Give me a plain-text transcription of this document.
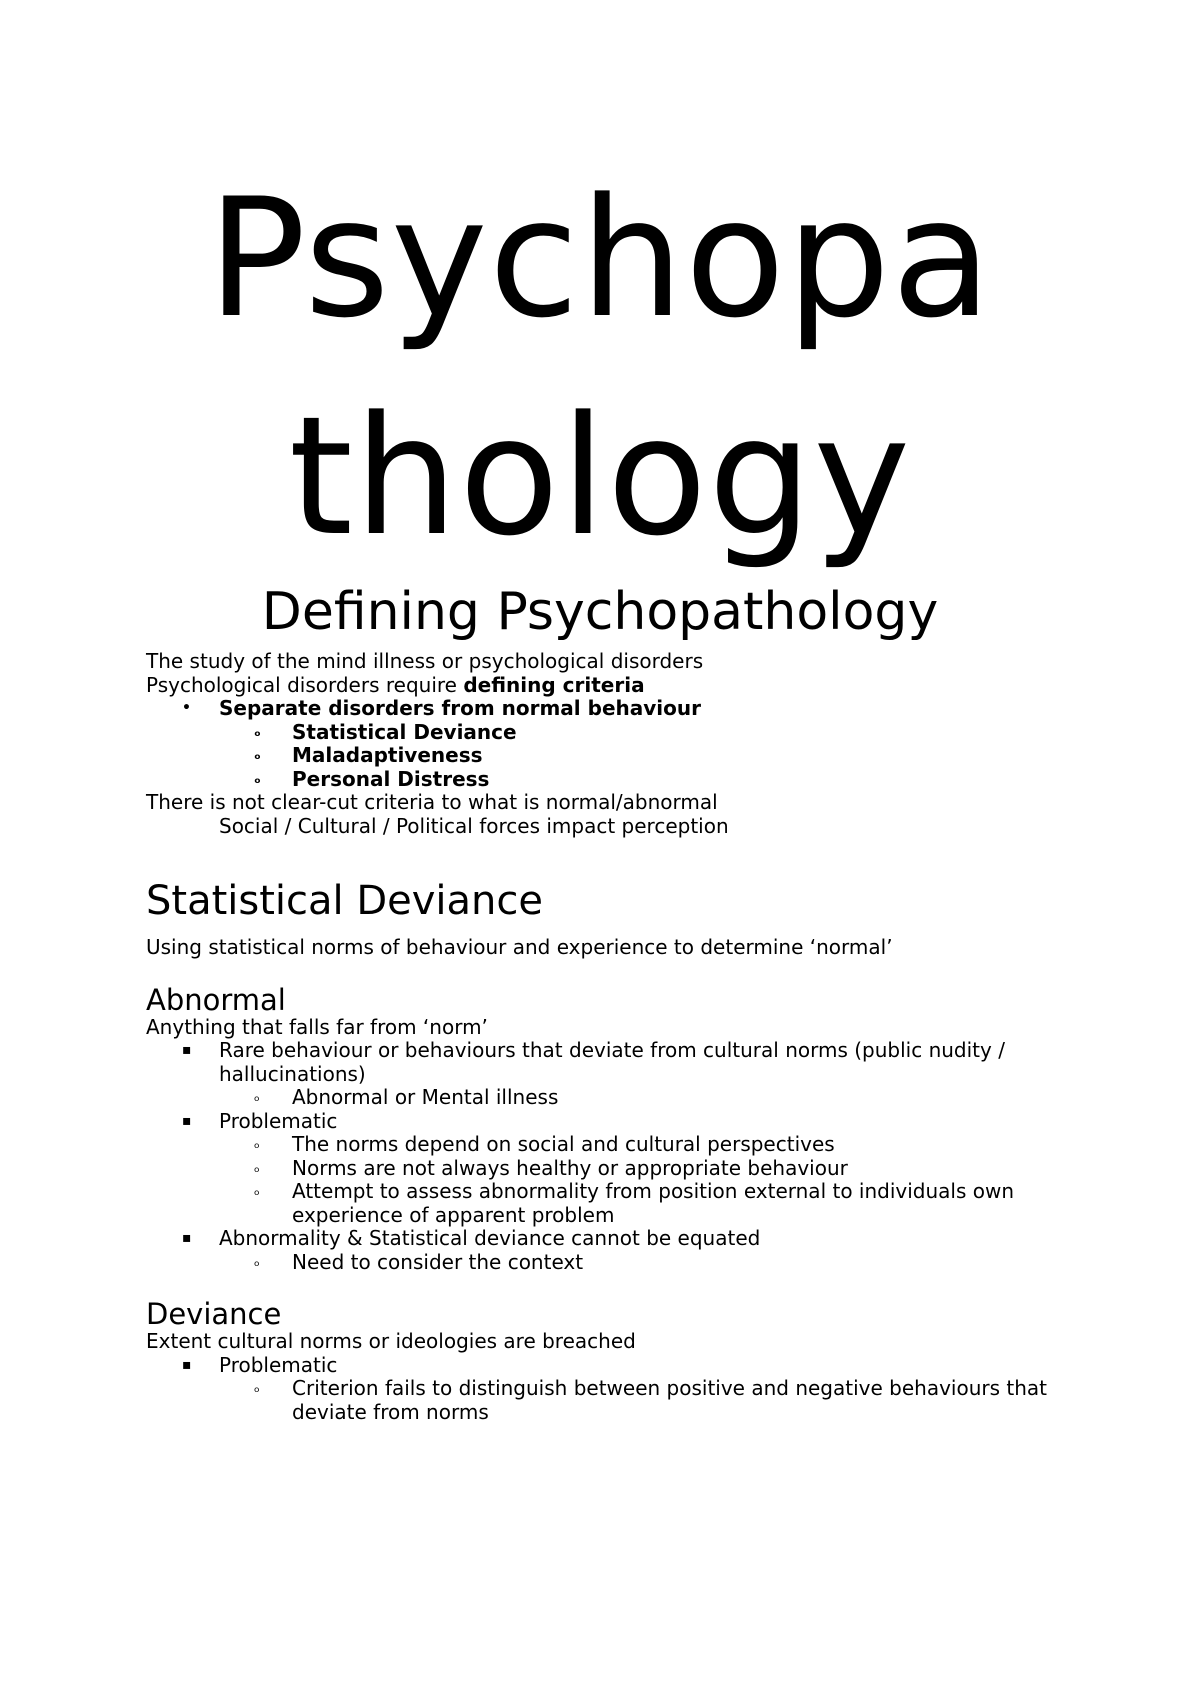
Psychopa thology
Defining Psychopathology
The study of the mind illness or psychological disorders
Psychological disorders require defining criteria
• Separate disorders from normal behaviour
ₒ Statistical Deviance
ₒ Maladaptiveness
ₒ Personal Distress
There is not clear-cut criteria to what is normal/abnormal
Social / Cultural / Political forces impact perception
Statistical Deviance
Using statistical norms of behaviour and experience to determine ‘normal’
Abnormal
Anything that falls far from ‘norm’
▪ Rare behaviour or behaviours that deviate from cultural norms (public nudity / hallucinations)
ₒ Abnormal or Mental illness
▪ Problematic
ₒ The norms depend on social and cultural perspectives
ₒ Norms are not always healthy or appropriate behaviour
ₒ Attempt to assess abnormality from position external to individuals own experience of apparent problem
▪ Abnormality & Statistical deviance cannot be equated
ₒ Need to consider the context
Deviance
Extent cultural norms or ideologies are breached
▪ Problematic
ₒ Criterion fails to distinguish between positive and negative behaviours that deviate from norms
